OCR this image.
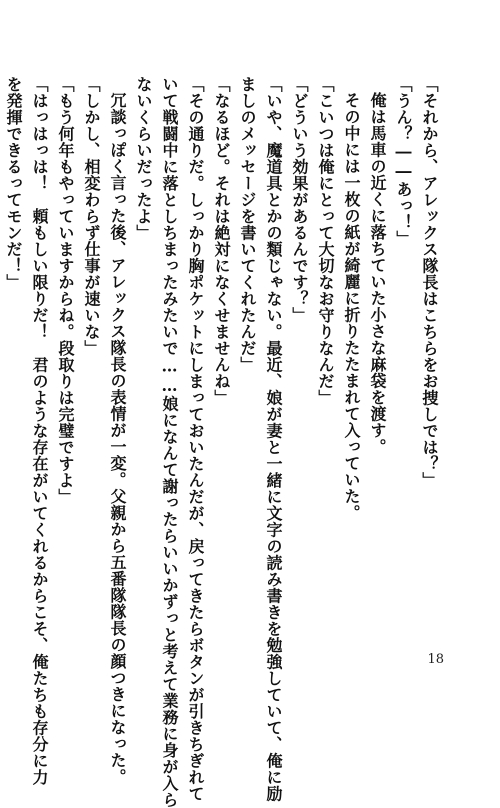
「それから、アレックス隊長はこちらをお捜しでは？」
「うん？――あっ！」
俺は馬車の近くに落ちていた小さな麻袋を渡す。
その中には一枚の紙が綺麗に折りたたまれて入っていた。
「こいつは俺にとって大切なお守りなんだ」
「どういう効果があるんです？」
「いや、魔道具とかの類じゃない。最近、娘が妻と一緒に文字の読み書きを勉強していて、俺に励
ましのメッセージを書いてくれたんだ」
「なるほど。それは絶対になくせませんね」
「その通りだ。しっかり胸ポケットにしまっておいたんだが、戻ってきたらボタンが引きちぎれて
いて戦闘中に落としちまったみたいで……娘になんて謝ったらいいかずっと考えて業務に身が入ら
ないくらいだったよ」
冗談っぽく言った後、アレックス隊長の表情が一変。父親から五番隊隊長の顔つきになった。
「しかし、相変わらず仕事が速いな」
「もう何年もやっていますからね。段取りは完璧ですよ」
「はっはっは！　頼もしい限りだ！　君のような存在がいてくれるからこそ、俺たちも存分に力
を発揮できるってモンだ！」
18
